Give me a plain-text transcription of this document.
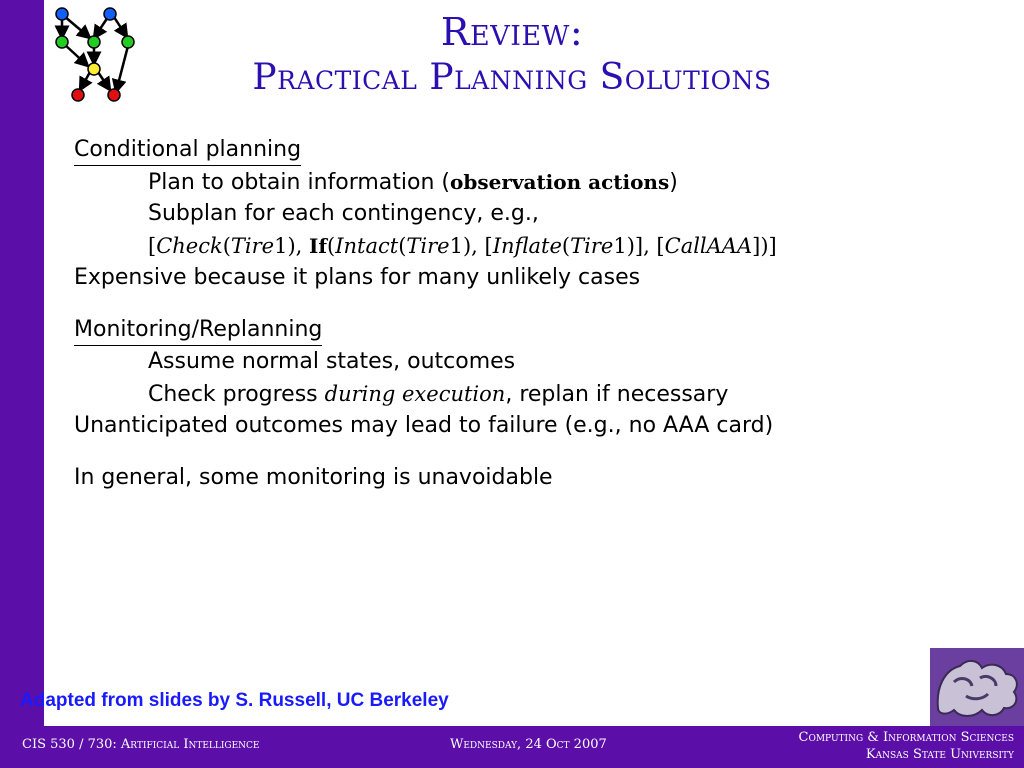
Review:
Practical Planning Solutions
Conditional planning
Plan to obtain information (observation actions)
Subplan for each contingency, e.g.,
[Check(Tire1), If(Intact(Tire1), [Inflate(Tire1)], [CallAAA])]
Expensive because it plans for many unlikely cases
Monitoring/Replanning
Assume normal states, outcomes
Check progress during execution, replan if necessary
Unanticipated outcomes may lead to failure (e.g., no AAA card)
In general, some monitoring is unavoidable
Adapted from slides by S. Russell, UC Berkeley
CIS 530 / 730: Artificial Intelligence	Wednesday, 24 Oct 2007	Computing & Information Sciences
Kansas State University
